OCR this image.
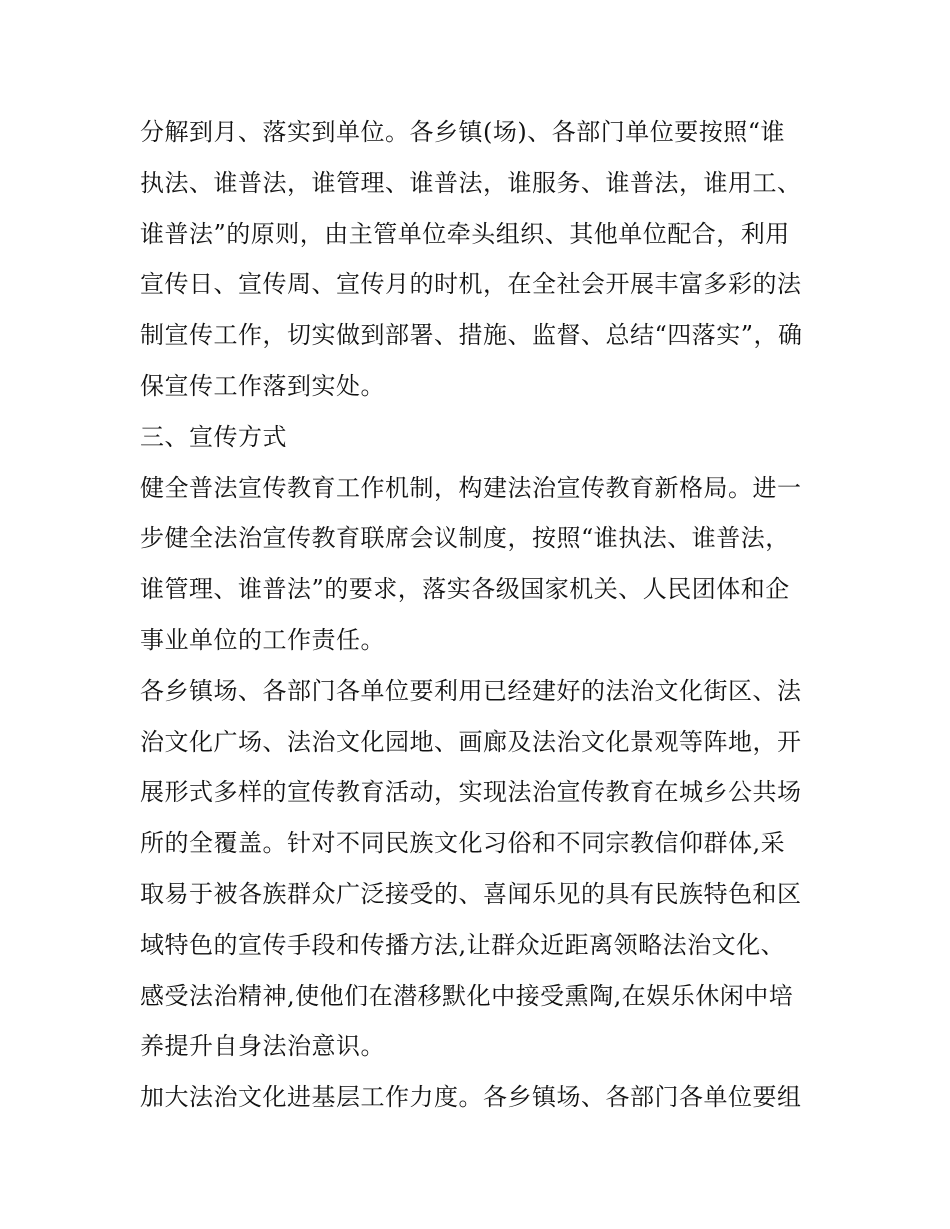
分解到月、落实到单位。各乡镇(场)、各部门单位要按照“谁
执法、谁普法，谁管理、谁普法，谁服务、谁普法，谁用工、
谁普法”的原则，由主管单位牵头组织、其他单位配合，利用
宣传日、宣传周、宣传月的时机，在全社会开展丰富多彩的法
制宣传工作，切实做到部署、措施、监督、总结“四落实”，确
保宣传工作落到实处。
三、宣传方式
健全普法宣传教育工作机制，构建法治宣传教育新格局。进一
步健全法治宣传教育联席会议制度，按照“谁执法、谁普法，
谁管理、谁普法”的要求，落实各级国家机关、人民团体和企
事业单位的工作责任。
各乡镇场、各部门各单位要利用已经建好的法治文化街区、法
治文化广场、法治文化园地、画廊及法治文化景观等阵地，开
展形式多样的宣传教育活动，实现法治宣传教育在城乡公共场
所的全覆盖。针对不同民族文化习俗和不同宗教信仰群体,采
取易于被各族群众广泛接受的、喜闻乐见的具有民族特色和区
域特色的宣传手段和传播方法,让群众近距离领略法治文化、
感受法治精神,使他们在潜移默化中接受熏陶,在娱乐休闲中培
养提升自身法治意识。
加大法治文化进基层工作力度。各乡镇场、各部门各单位要组
